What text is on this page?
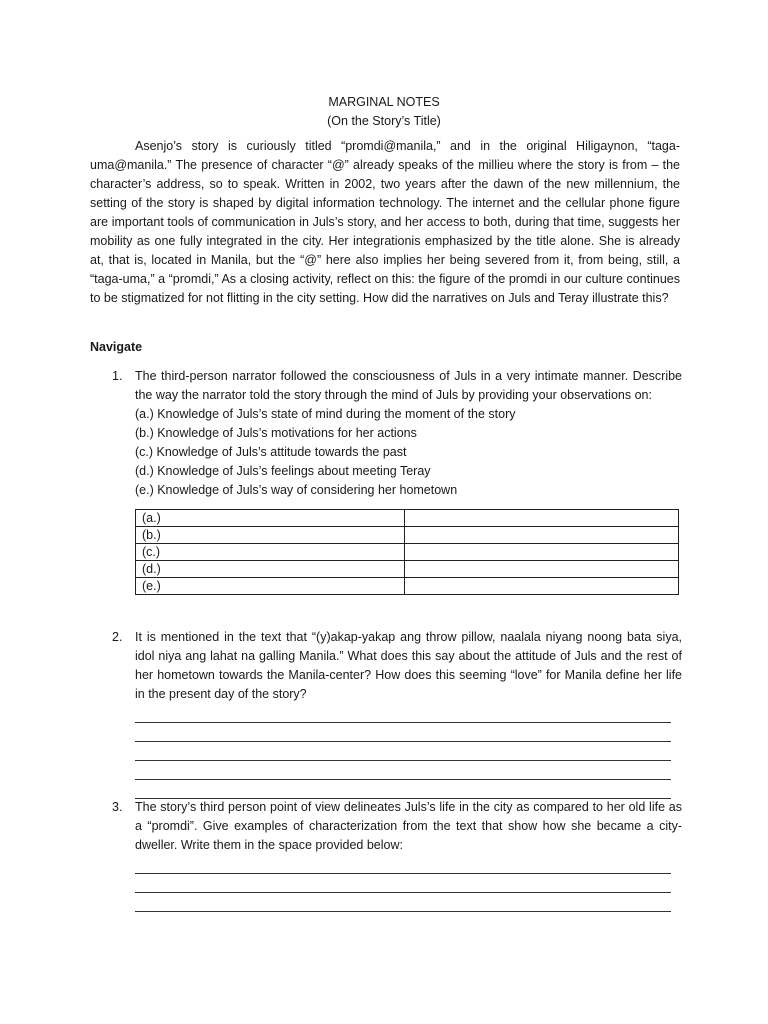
MARGINAL NOTES
(On the Story’s Title)
Asenjo’s story is curiously titled “promdi@manila,” and in the original Hiligaynon, “taga-uma@manila.” The presence of character “@” already speaks of the millieu where the story is from – the character’s address, so to speak. Written in 2002, two years after the dawn of the new millennium, the setting of the story is shaped by digital information technology. The internet and the cellular phone figure are important tools of communication in Juls’s story, and her access to both, during that time, suggests her mobility as one fully integrated in the city. Her integrationis emphasized by the title alone. She is already at, that is, located in Manila, but the “@” here also implies her being severed from it, from being, still, a “taga-uma,” a “promdi,” As a closing activity, reflect on this: the figure of the promdi in our culture continues to be stigmatized for not flitting in the city setting. How did the narratives on Juls and Teray illustrate this?
Navigate
1. The third-person narrator followed the consciousness of Juls in a very intimate manner. Describe the way the narrator told the story through the mind of Juls by providing your observations on:
(a.) Knowledge of Juls’s state of mind during the moment of the story
(b.) Knowledge of Juls’s motivations for her actions
(c.) Knowledge of Juls’s attitude towards the past
(d.) Knowledge of Juls’s feelings about meeting Teray
(e.) Knowledge of Juls’s way of considering her hometown
(a.)	
(b.)	
(c.)	
(d.)	
(e.)	
2. It is mentioned in the text that “(y)akap-yakap ang throw pillow, naalala niyang noong bata siya, idol niya ang lahat na galling Manila.” What does this say about the attitude of Juls and the rest of her hometown towards the Manila-center? How does this seeming “love” for Manila define her life in the present day of the story?
3. The story’s third person point of view delineates Juls’s life in the city as compared to her old life as a “promdi”. Give examples of characterization from the text that show how she became a city-dweller. Write them in the space provided below:
